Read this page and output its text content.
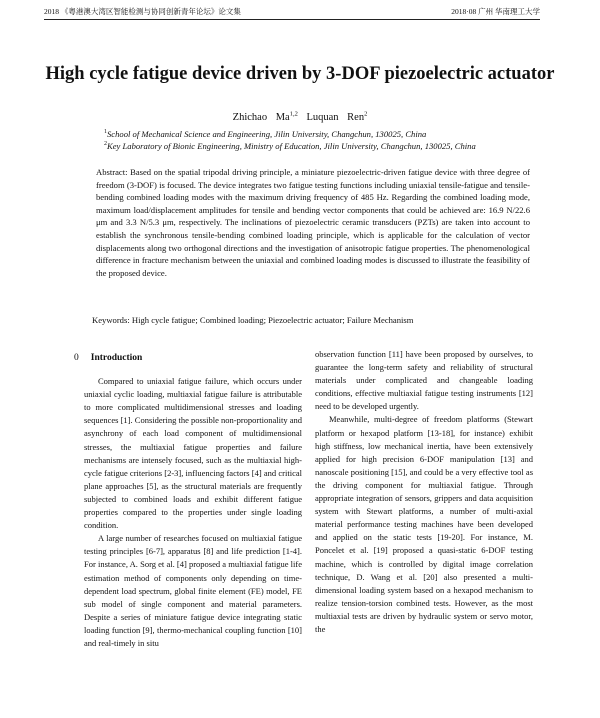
2018 《粤港澳大湾区智能检测与协同创新青年论坛》论文集	2018·08 广州 华南理工大学
High cycle fatigue device driven by 3-DOF piezoelectric actuator
Zhichao Ma$^{1,2}$ Luquan Ren$^2$
$^1$School of Mechanical Science and Engineering, Jilin University, Changchun, 130025, China
$^2$Key Laboratory of Bionic Engineering, Ministry of Education, Jilin University, Changchun, 130025, China
Abstract: Based on the spatial tripodal driving principle, a miniature piezoelectric-driven fatigue device with three degree of freedom (3-DOF) is focused. The device integrates two fatigue testing functions including uniaxial tensile-fatigue and tensile-bending combined loading modes with the maximum driving frequency of 485 Hz. Regarding the combined loading mode, maximum load/displacement amplitudes for tensile and bending vector components that could be achieved are: 16.9 N/22.6 μm and 3.3 N/5.3 μm, respectively. The inclinations of piezoelectric ceramic transducers (PZTs) are taken into account to establish the synchronous tensile-bending combined loading principle, which is applicable for the calculation of vector displacements along two orthogonal directions and the investigation of anisotropic fatigue properties. The phenomenological difference in fracture mechanism between the uniaxial and combined loading modes is discussed to illustrate the feasibility of the proposed device.
Keywords: High cycle fatigue; Combined loading; Piezoelectric actuator; Failure Mechanism
0 Introduction

Compared to uniaxial fatigue failure, which occurs under uniaxial cyclic loading, multiaxial fatigue failure is attributable to more complicated multidimensional stresses and loading sequences [1]. Considering the possible non-proportionality and asynchrony of each load component of multidimensional stresses, the multiaxial fatigue properties and failure mechanisms are intensely focused, such as the multiaxial high-cycle fatigue criterions [2-3], influencing factors [4] and critical plane approaches [5], as the structural materials are frequently subjected to combined loads and exhibit different fatigue properties compared to the properties under single loading condition.

A large number of researches focused on multiaxial fatigue testing principles [6-7], apparatus [8] and life prediction [1-4]. For instance, A. Sorg et al. [4] proposed a multiaxial fatigue life estimation method of components only depending on time-dependent load spectrum, global finite element (FE) model, FE sub model of single component and material parameters. Despite a series of miniature fatigue device integrating static loading function [9], thermo-mechanical coupling function [10] and real-timely in situ

observation function [11] have been proposed by ourselves, to guarantee the long-term safety and reliability of structural materials under complicated and changeable loading conditions, effective multiaxial fatigue testing instruments [12] need to be developed urgently.

Meanwhile, multi-degree of freedom platforms (Stewart platform or hexapod platform [13-18], for instance) exhibit high stiffness, low mechanical inertia, have been extensively applied for high precision 6-DOF manipulation [13] and nanoscale positioning [15], and could be a very effective tool as the driving component for multiaxial fatigue. Through appropriate integration of sensors, grippers and data acquisition system with Stewart platforms, a number of multi-axial material performance testing machines have been developed and applied on the static tests [19-20]. For instance, M. Poncelet et al. [19] proposed a quasi-static 6-DOF testing machine, which is controlled by digital image correlation technique, D. Wang et al. [20] also presented a multi-dimensional loading system based on a hexapod mechanism to realize tension-torsion combined tests. However, as the most multiaxial tests are driven by hydraulic system or servo motor, the
